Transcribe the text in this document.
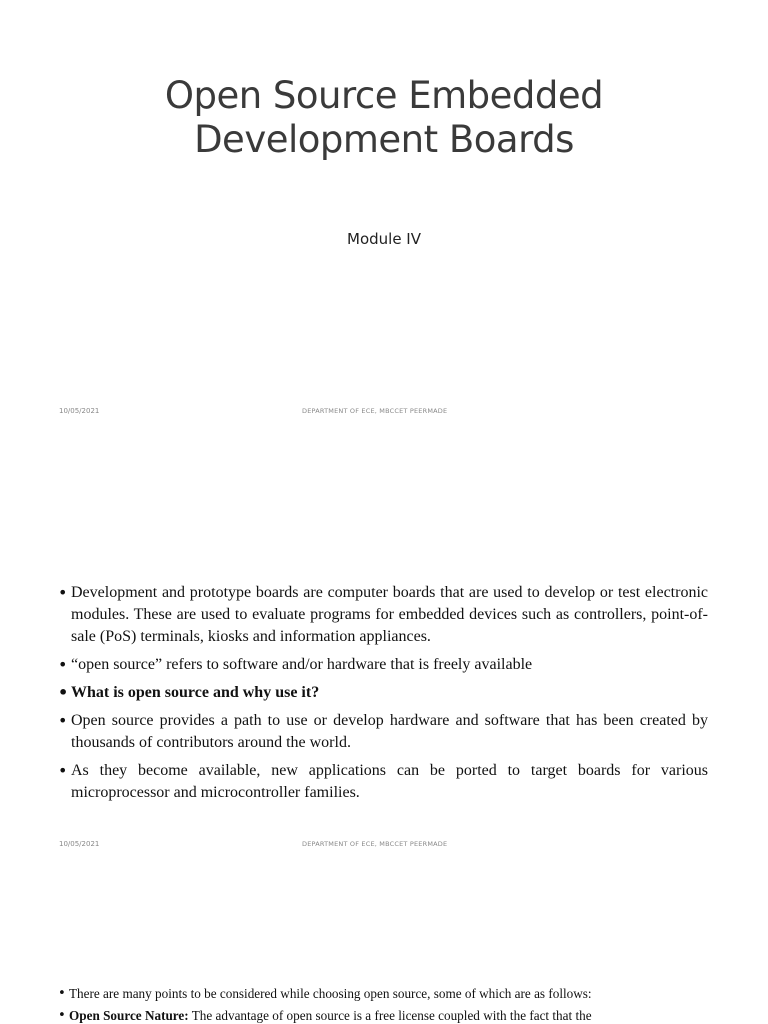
Open Source Embedded
Development Boards

Module IV

10/05/2021	DEPARTMENT OF ECE, MBCCET PEERMADE
• Development and prototype boards are computer boards that are used to develop or test electronic modules. These are used to evaluate programs for embedded devices such as controllers, point-of-sale (PoS) terminals, kiosks and information appliances.
• “open source” refers to software and/or hardware that is freely available
• What is open source and why use it?
• Open source provides a path to use or develop hardware and software that has been created by thousands of contributors around the world.
• As they become available, new applications can be ported to target boards for various microprocessor and microcontroller families.
10/05/2021	DEPARTMENT OF ECE, MBCCET PEERMADE
• There are many points to be considered while choosing open source, some of which are as follows:
• Open Source Nature: The advantage of open source is a free license coupled with the fact that the
